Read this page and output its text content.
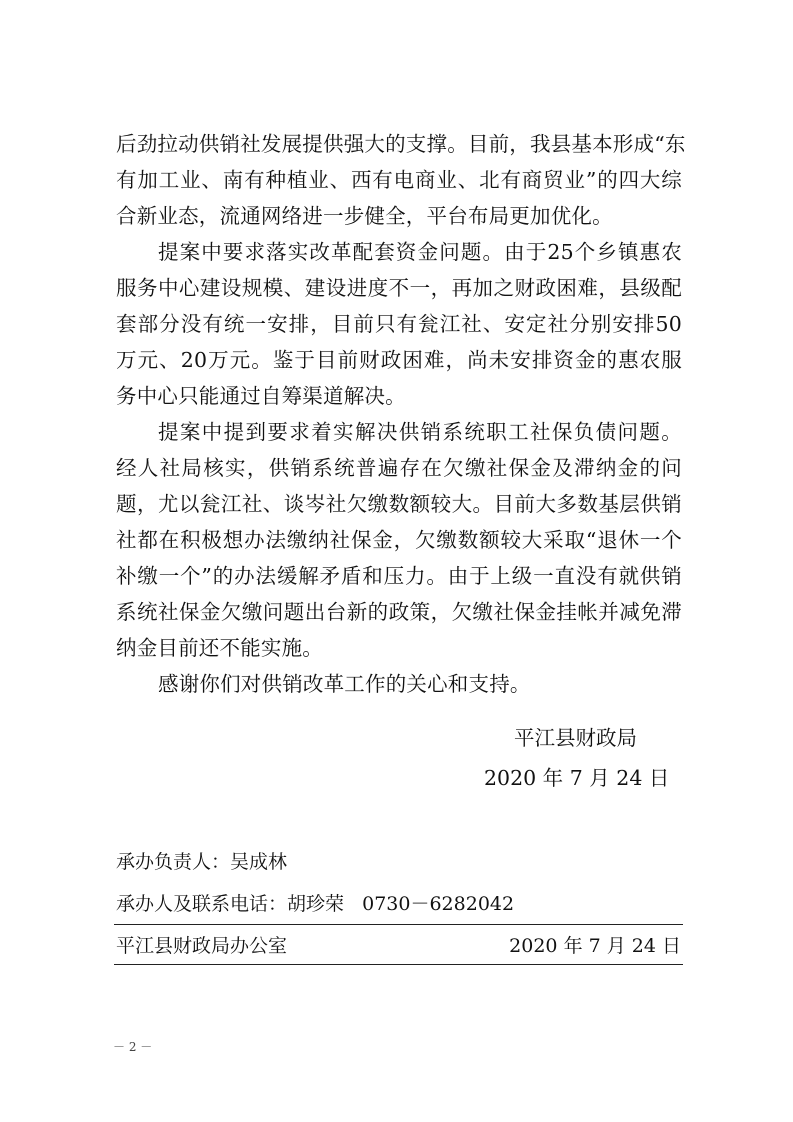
后劲拉动供销社发展提供强大的支撑。目前，我县基本形成“东
有加工业、南有种植业、西有电商业、北有商贸业”的四大综
合新业态，流通网络进一步健全，平台布局更加优化。
提案中要求落实改革配套资金问题。由于25个乡镇惠农
服务中心建设规模、建设进度不一，再加之财政困难，县级配
套部分没有统一安排，目前只有瓮江社、安定社分别安排50
万元、20万元。鉴于目前财政困难，尚未安排资金的惠农服
务中心只能通过自筹渠道解决。
提案中提到要求着实解决供销系统职工社保负债问题。
经人社局核实，供销系统普遍存在欠缴社保金及滞纳金的问
题，尤以瓮江社、谈岑社欠缴数额较大。目前大多数基层供销
社都在积极想办法缴纳社保金，欠缴数额较大采取“退休一个
补缴一个”的办法缓解矛盾和压力。由于上级一直没有就供销
系统社保金欠缴问题出台新的政策，欠缴社保金挂帐并减免滞
纳金目前还不能实施。
感谢你们对供销改革工作的关心和支持。
平江县财政局
2020 年 7 月 24 日
承办负责人：吴成林
承办人及联系电话：胡珍荣   0730－6282042
平江县财政局办公室	2020 年 7 月 24 日
－ 2 －
